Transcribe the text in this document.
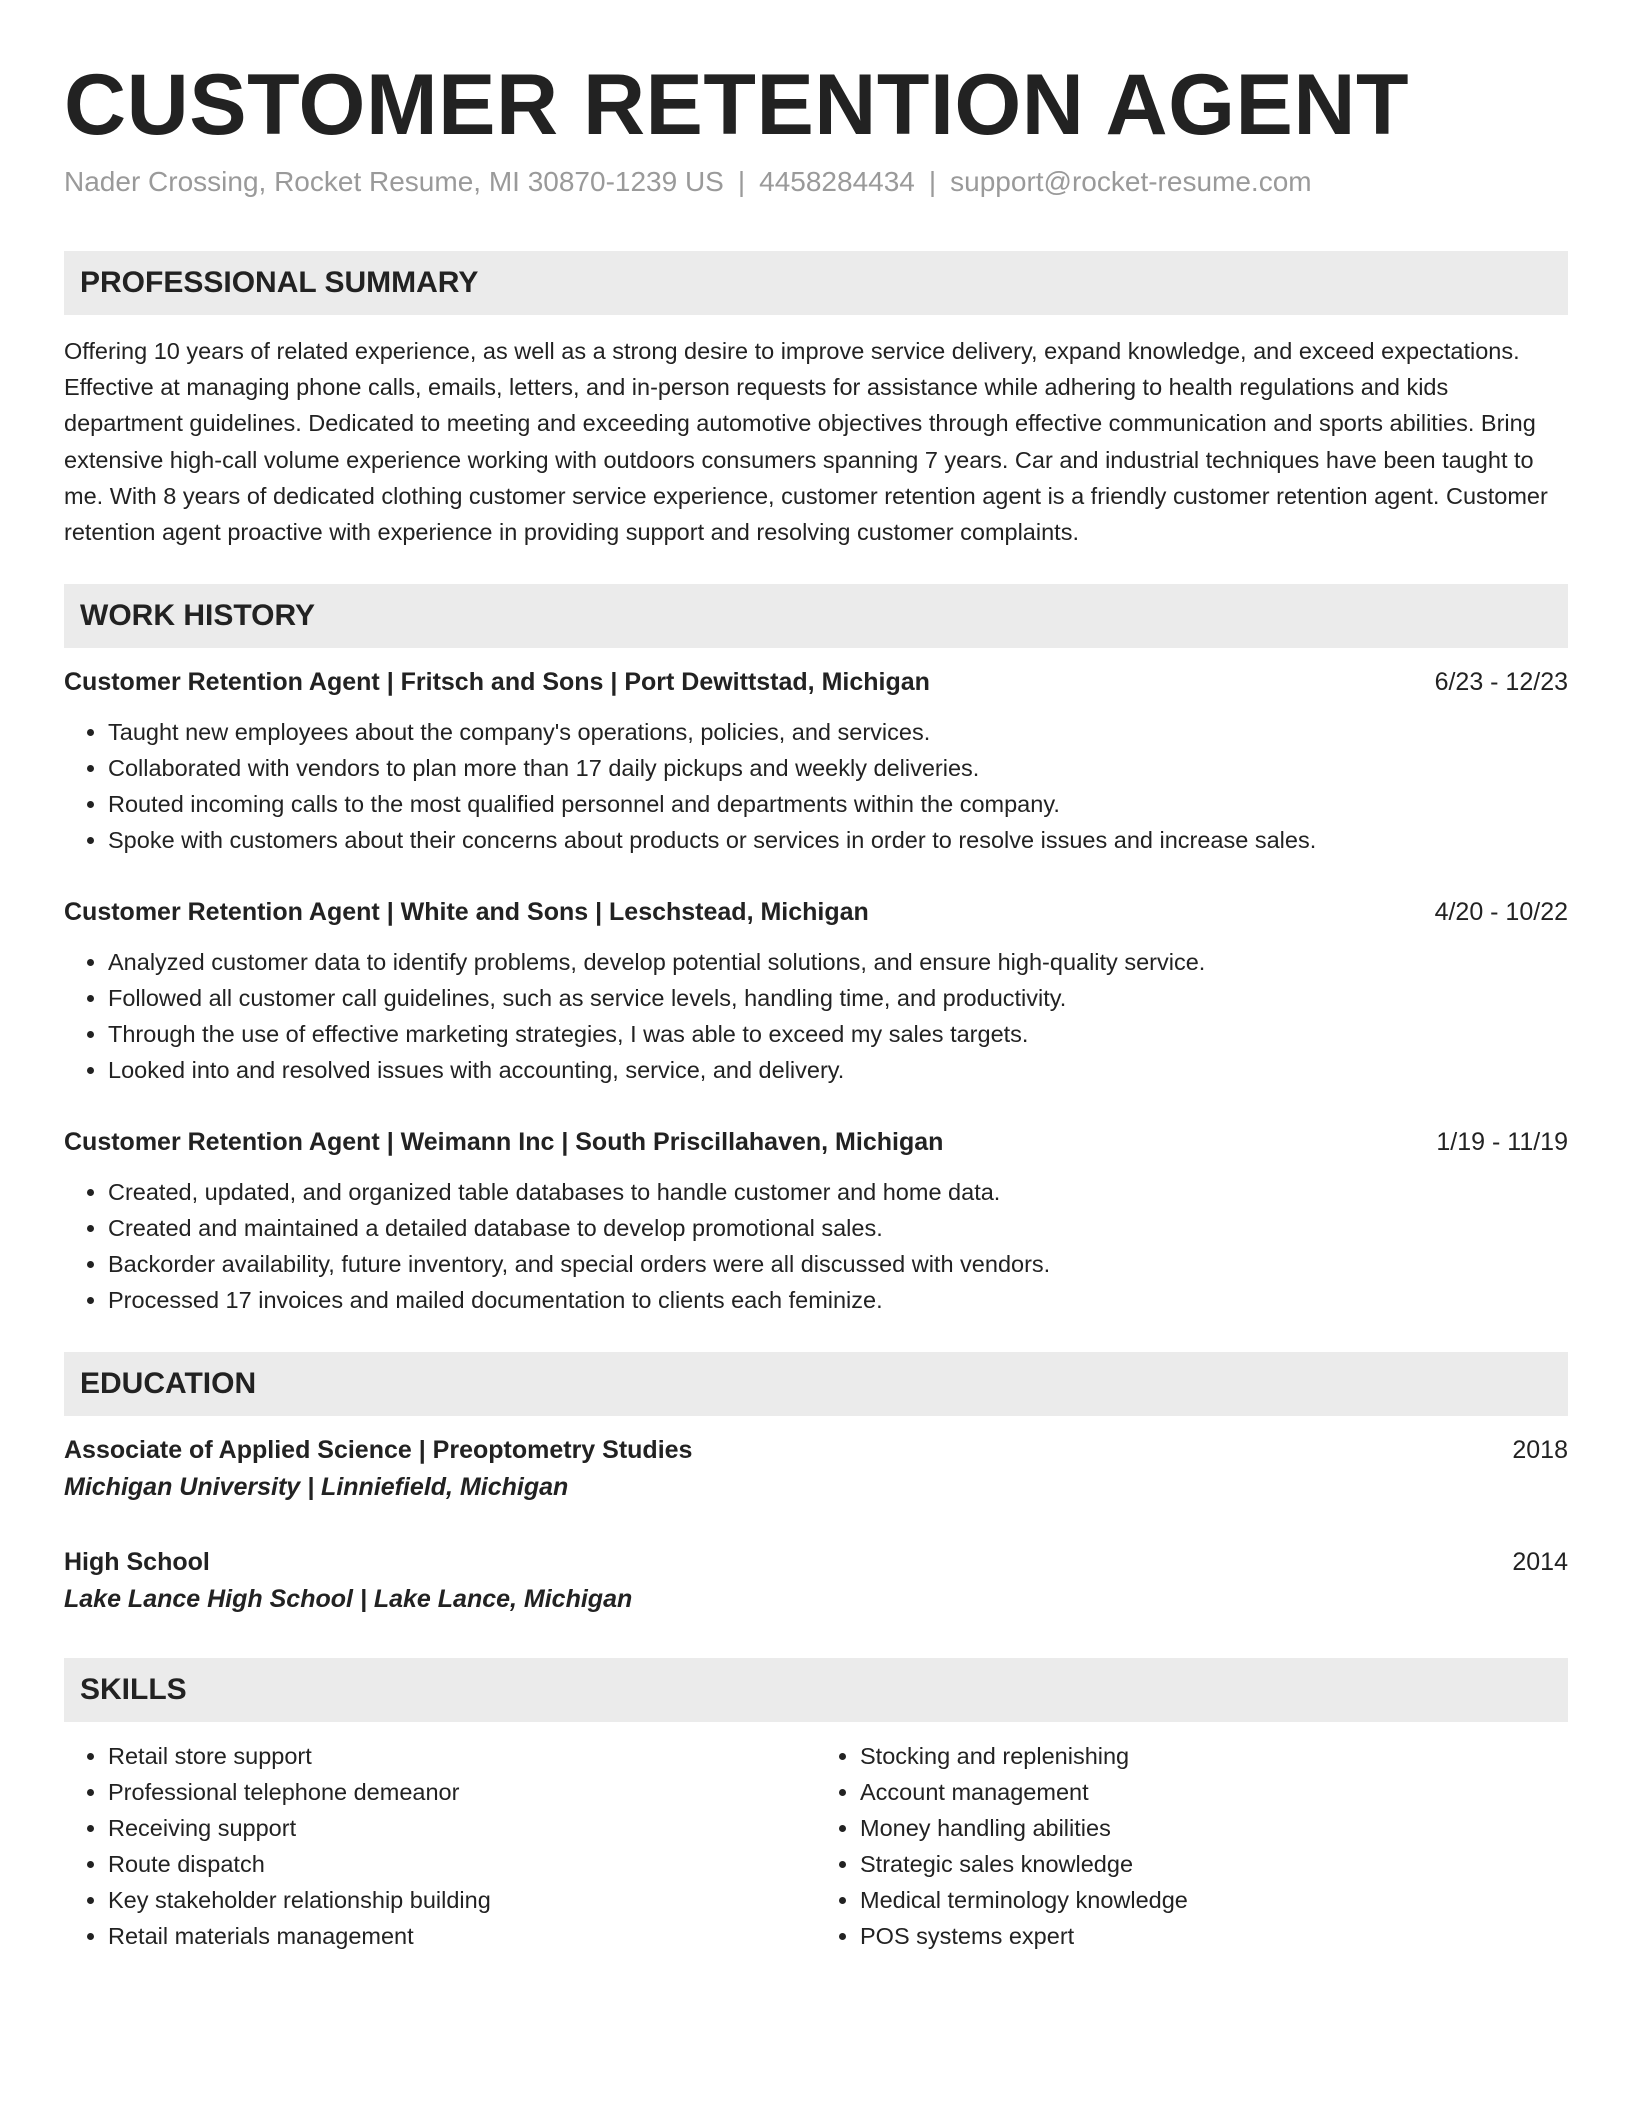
CUSTOMER RETENTION AGENT
Nader Crossing, Rocket Resume, MI 30870-1239 US | 4458284434 | support@rocket-resume.com
PROFESSIONAL SUMMARY

Offering 10 years of related experience, as well as a strong desire to improve service delivery, expand knowledge, and exceed expectations. Effective at managing phone calls, emails, letters, and in-person requests for assistance while adhering to health regulations and kids department guidelines. Dedicated to meeting and exceeding automotive objectives through effective communication and sports abilities. Bring extensive high-call volume experience working with outdoors consumers spanning 7 years. Car and industrial techniques have been taught to me. With 8 years of dedicated clothing customer service experience, customer retention agent is a friendly customer retention agent. Customer retention agent proactive with experience in providing support and resolving customer complaints.

WORK HISTORY
Customer Retention Agent | Fritsch and Sons | Port Dewittstad, Michigan	6/23 - 12/23
• Taught new employees about the company's operations, policies, and services.
• Collaborated with vendors to plan more than 17 daily pickups and weekly deliveries.
• Routed incoming calls to the most qualified personnel and departments within the company.
• Spoke with customers about their concerns about products or services in order to resolve issues and increase sales.
Customer Retention Agent | White and Sons | Leschstead, Michigan	4/20 - 10/22
• Analyzed customer data to identify problems, develop potential solutions, and ensure high-quality service.
• Followed all customer call guidelines, such as service levels, handling time, and productivity.
• Through the use of effective marketing strategies, I was able to exceed my sales targets.
• Looked into and resolved issues with accounting, service, and delivery.
Customer Retention Agent | Weimann Inc | South Priscillahaven, Michigan	1/19 - 11/19
• Created, updated, and organized table databases to handle customer and home data.
• Created and maintained a detailed database to develop promotional sales.
• Backorder availability, future inventory, and special orders were all discussed with vendors.
• Processed 17 invoices and mailed documentation to clients each feminize.
EDUCATION
Associate of Applied Science | Preoptometry Studies	2018
Michigan University | Linniefield, Michigan
High School	2014
Lake Lance High School | Lake Lance, Michigan
SKILLS
• Retail store support
• Professional telephone demeanor
• Receiving support
• Route dispatch
• Key stakeholder relationship building
• Retail materials management
• Stocking and replenishing
• Account management
• Money handling abilities
• Strategic sales knowledge
• Medical terminology knowledge
• POS systems expert
